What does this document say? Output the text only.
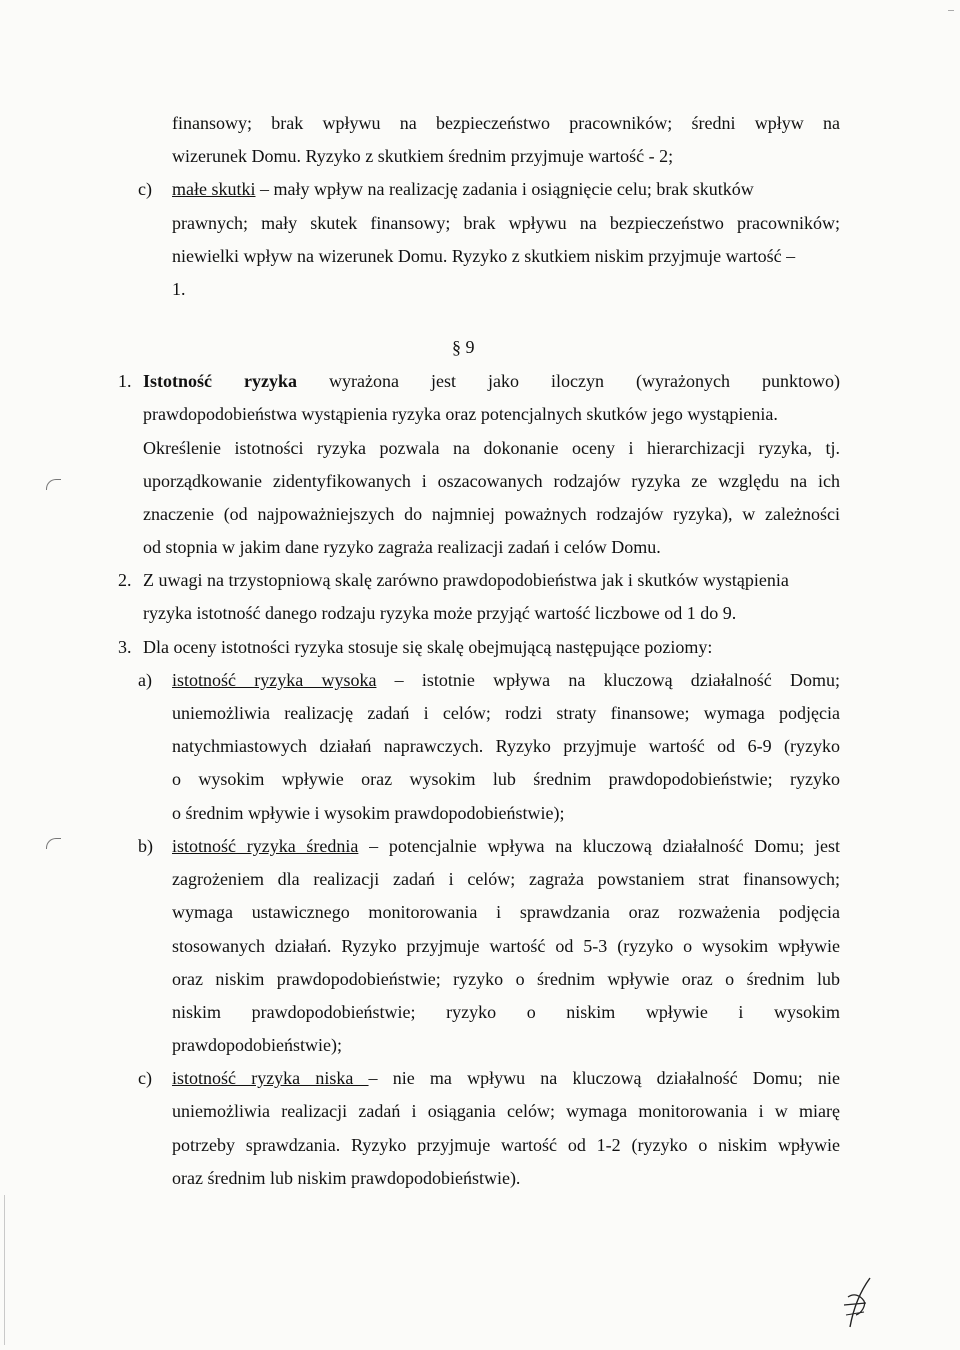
finansowy; brak wpływu na bezpieczeństwo pracowników; średni wpływ na
wizerunek Domu. Ryzyko z skutkiem średnim przyjmuje wartość - 2;
c) małe skutki – mały wpływ na realizację zadania i osiągnięcie celu; brak skutków
prawnych; mały skutek finansowy; brak wpływu na bezpieczeństwo pracowników;
niewielki wpływ na wizerunek Domu. Ryzyko z skutkiem niskim przyjmuje wartość –
1.
§ 9
1. Istotność ryzyka wyrażona jest jako iloczyn (wyrażonych punktowo)
prawdopodobieństwa wystąpienia ryzyka oraz potencjalnych skutków jego wystąpienia.
Określenie istotności ryzyka pozwala na dokonanie oceny i hierarchizacji ryzyka, tj.
uporządkowanie zidentyfikowanych i oszacowanych rodzajów ryzyka ze względu na ich
znaczenie (od najpoważniejszych do najmniej poważnych rodzajów ryzyka), w zależności
od stopnia w jakim dane ryzyko zagraża realizacji zadań i celów Domu.
2. Z uwagi na trzystopniową skalę zarówno prawdopodobieństwa jak i skutków wystąpienia
ryzyka istotność danego rodzaju ryzyka może przyjąć wartość liczbowe od 1 do 9.
3. Dla oceny istotności ryzyka stosuje się skalę obejmującą następujące poziomy:
a) istotność ryzyka wysoka – istotnie wpływa na kluczową działalność Domu;
uniemożliwia realizację zadań i celów; rodzi straty finansowe; wymaga podjęcia
natychmiastowych działań naprawczych. Ryzyko przyjmuje wartość od 6-9 (ryzyko
o wysokim wpływie oraz wysokim lub średnim prawdopodobieństwie; ryzyko
o średnim wpływie i wysokim prawdopodobieństwie);
b) istotność ryzyka średnia – potencjalnie wpływa na kluczową działalność Domu; jest
zagrożeniem dla realizacji zadań i celów; zagraża powstaniem strat finansowych;
wymaga ustawicznego monitorowania i sprawdzania oraz rozważenia podjęcia
stosowanych działań. Ryzyko przyjmuje wartość od 5-3 (ryzyko o wysokim wpływie
oraz niskim prawdopodobieństwie; ryzyko o średnim wpływie oraz o średnim lub
niskim prawdopodobieństwie; ryzyko o niskim wpływie i wysokim
prawdopodobieństwie);
c) istotność ryzyka niska – nie ma wpływu na kluczową działalność Domu; nie
uniemożliwia realizacji zadań i osiągania celów; wymaga monitorowania i w miarę
potrzeby sprawdzania. Ryzyko przyjmuje wartość od 1-2 (ryzyko o niskim wpływie
oraz średnim lub niskim prawdopodobieństwie).
